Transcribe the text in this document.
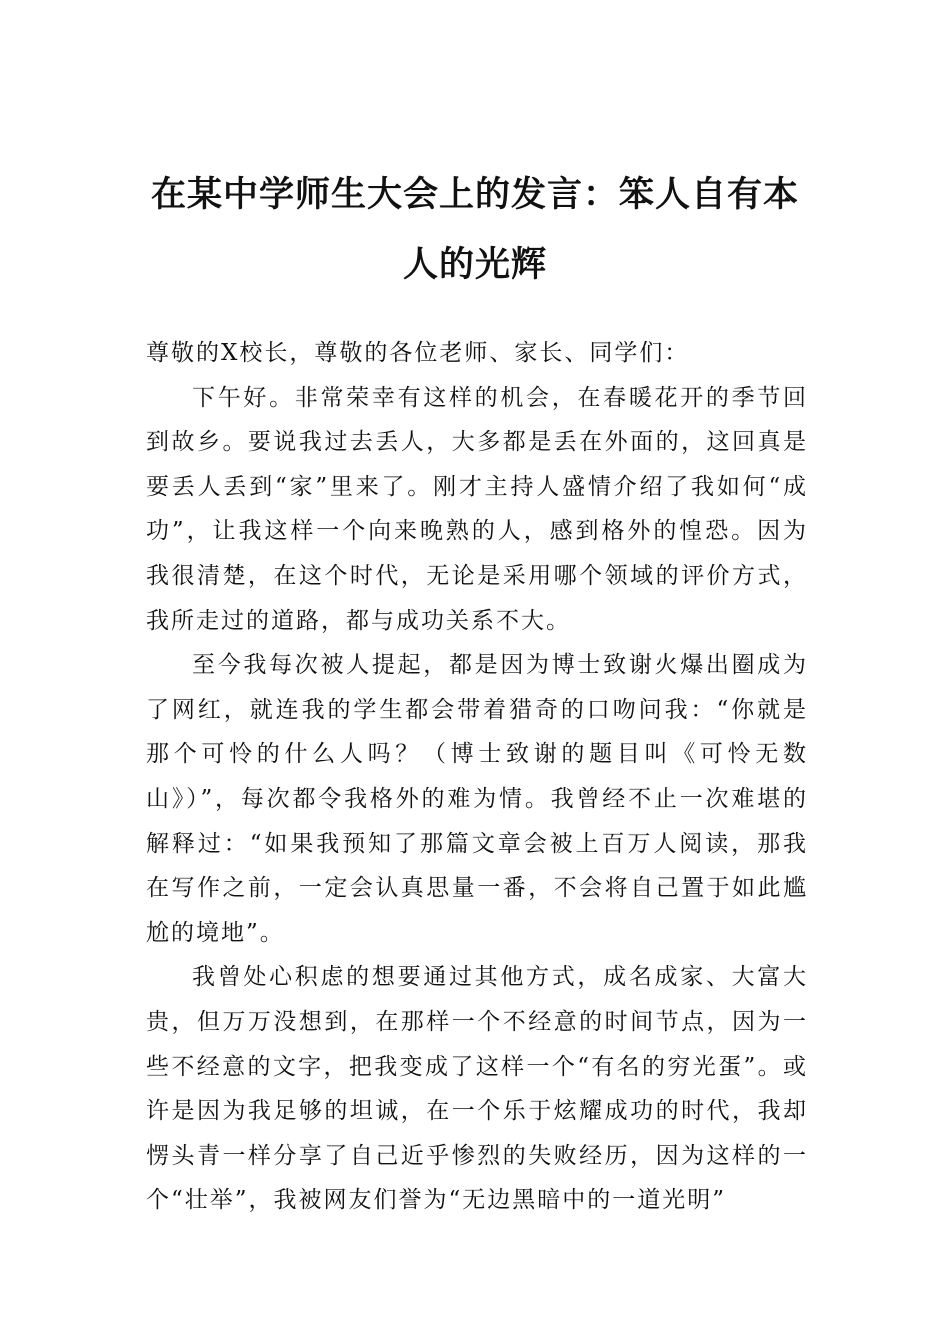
在某中学师生大会上的发言：笨人自有本人的光辉

尊敬的X校长，尊敬的各位老师、家长、同学们：

下午好。非常荣幸有这样的机会，在春暖花开的季节回到故乡。要说我过去丢人，大多都是丢在外面的，这回真是要丢人丢到“家”里来了。刚才主持人盛情介绍了我如何“成功”，让我这样一个向来晚熟的人，感到格外的惶恐。因为我很清楚，在这个时代，无论是采用哪个领域的评价方式，我所走过的道路，都与成功关系不大。

至今我每次被人提起，都是因为博士致谢火爆出圈成为了网红，就连我的学生都会带着猎奇的口吻问我：“你就是那个可怜的什么人吗？（博士致谢的题目叫《可怜无数山》）”，每次都令我格外的难为情。我曾经不止一次难堪的解释过：“如果我预知了那篇文章会被上百万人阅读，那我在写作之前，一定会认真思量一番，不会将自己置于如此尴尬的境地”。

我曾处心积虑的想要通过其他方式，成名成家、大富大贵，但万万没想到，在那样一个不经意的时间节点，因为一些不经意的文字，把我变成了这样一个“有名的穷光蛋”。或许是因为我足够的坦诚，在一个乐于炫耀成功的时代，我却愣头青一样分享了自己近乎惨烈的失败经历，因为这样的一个“壮举”，我被网友们誉为“无边黑暗中的一道光明”
